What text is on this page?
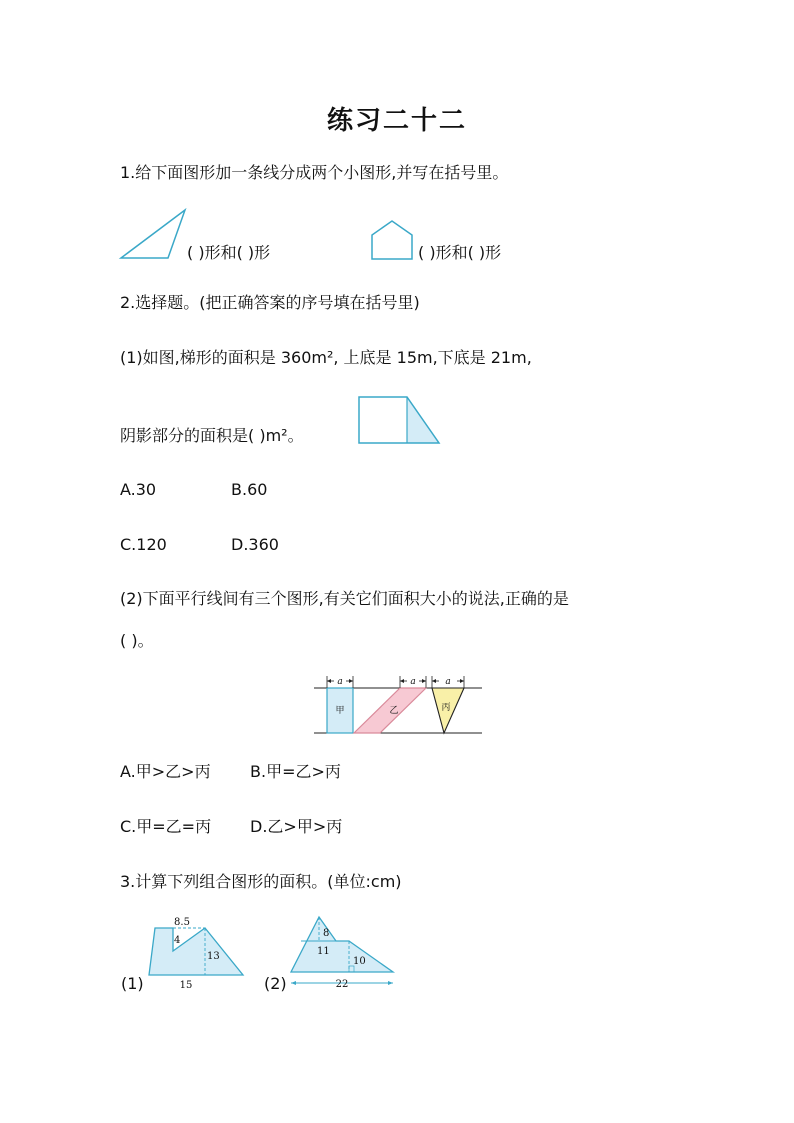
练习二十二
1.给下面图形加一条线分成两个小图形,并写在括号里。
( )形和( )形	( )形和( )形
2.选择题。(把正确答案的序号填在括号里)
(1)如图,梯形的面积是 360m², 上底是 15m,下底是 21m,
阴影部分的面积是( )m²。
A.30	B.60
C.120	D.360
(2)下面平行线间有三个图形,有关它们面积大小的说法,正确的是
( )。
a	a	a
甲	乙	丙
A.甲>乙>丙 B.甲=乙>丙
C.甲=乙=丙 D.乙>甲>丙
3.计算下列组合图形的面积。(单位:cm)
(1)
8.5
4
13
15	(2)
8
11
10
22
